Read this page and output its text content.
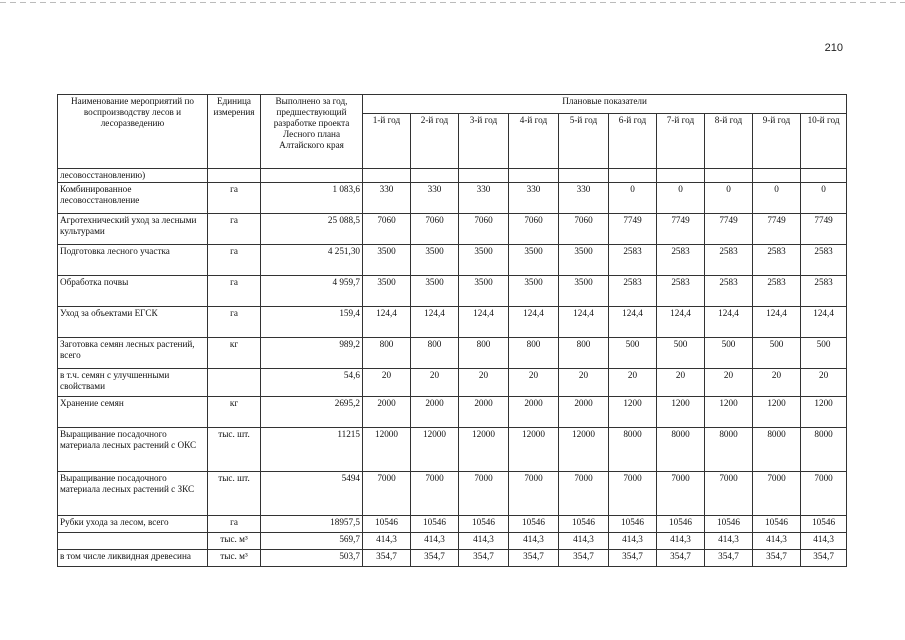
210
Наименование мероприятий по воспроизводству лесов и лесоразведению	Единица измерения	Выполнено за год, предшествующий разработке проекта Лесного плана Алтайского края	Плановые показатели									
			1-й год	2-й год	3-й год	4-й год	5-й год	6-й год	7-й год	8-й год	9-й год	10-й год
лесовосстановлению)												
Комбинированное лесовосстановление	га	1 083,6	330	330	330	330	330	0	0	0	0	0
Агротехнический уход за лесными культурами	га	25 088,5	7060	7060	7060	7060	7060	7749	7749	7749	7749	7749
Подготовка лесного участка	га	4 251,30	3500	3500	3500	3500	3500	2583	2583	2583	2583	2583
Обработка почвы	га	4 959,7	3500	3500	3500	3500	3500	2583	2583	2583	2583	2583
Уход за объектами ЕГСК	га	159,4	124,4	124,4	124,4	124,4	124,4	124,4	124,4	124,4	124,4	124,4
Заготовка семян лесных растений, всего	кг	989,2	800	800	800	800	800	500	500	500	500	500
в т.ч. семян с улучшенными свойствами		54,6	20	20	20	20	20	20	20	20	20	20
Хранение семян	кг	2695,2	2000	2000	2000	2000	2000	1200	1200	1200	1200	1200
Выращивание посадочного материала лесных растений с ОКС	тыс. шт.	11215	12000	12000	12000	12000	12000	8000	8000	8000	8000	8000
Выращивание посадочного материала лесных растений с ЗКС	тыс. шт.	5494	7000	7000	7000	7000	7000	7000	7000	7000	7000	7000
Рубки ухода за лесом, всего	га	18957,5	10546	10546	10546	10546	10546	10546	10546	10546	10546	10546
	тыс. м³	569,7	414,3	414,3	414,3	414,3	414,3	414,3	414,3	414,3	414,3	414,3
в том числе ликвидная древесина	тыс. м³	503,7	354,7	354,7	354,7	354,7	354,7	354,7	354,7	354,7	354,7	354,7
